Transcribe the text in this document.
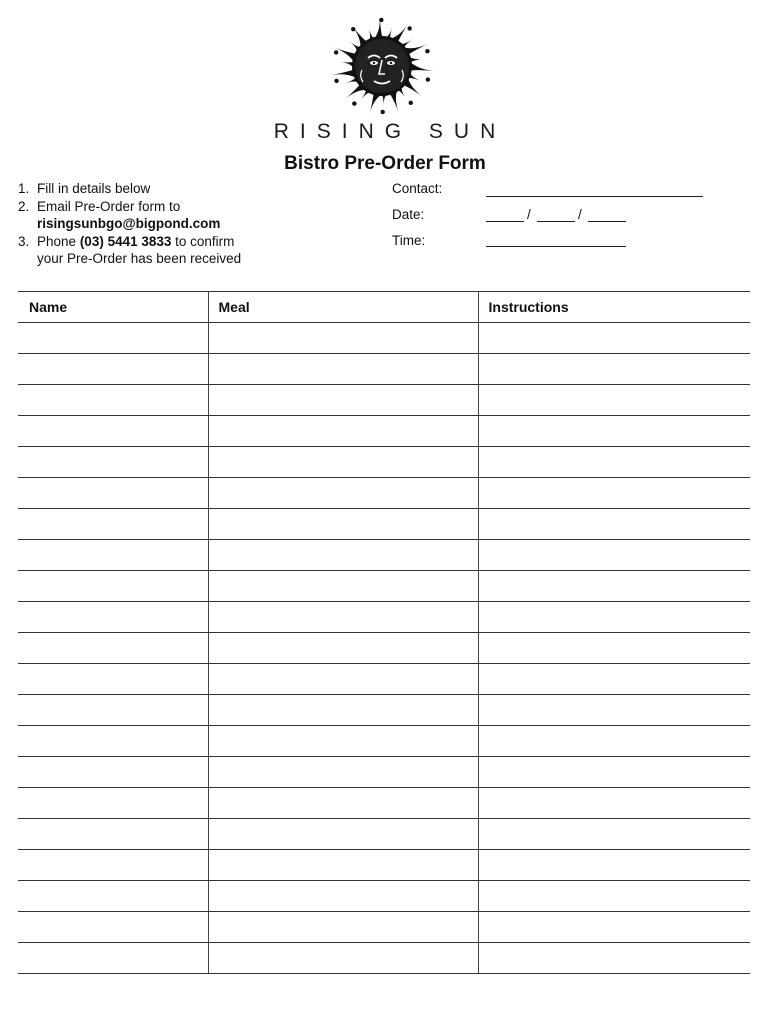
RISING SUN
Bistro Pre-Order Form
1. Fill in details below
2. Email Pre-Order form to
risingsunbgo@bigpond.com
3. Phone (03) 5441 3833 to confirm
your Pre-Order has been received
Contact:
Date:	/	/
Time:
Name	Meal	Instructions
